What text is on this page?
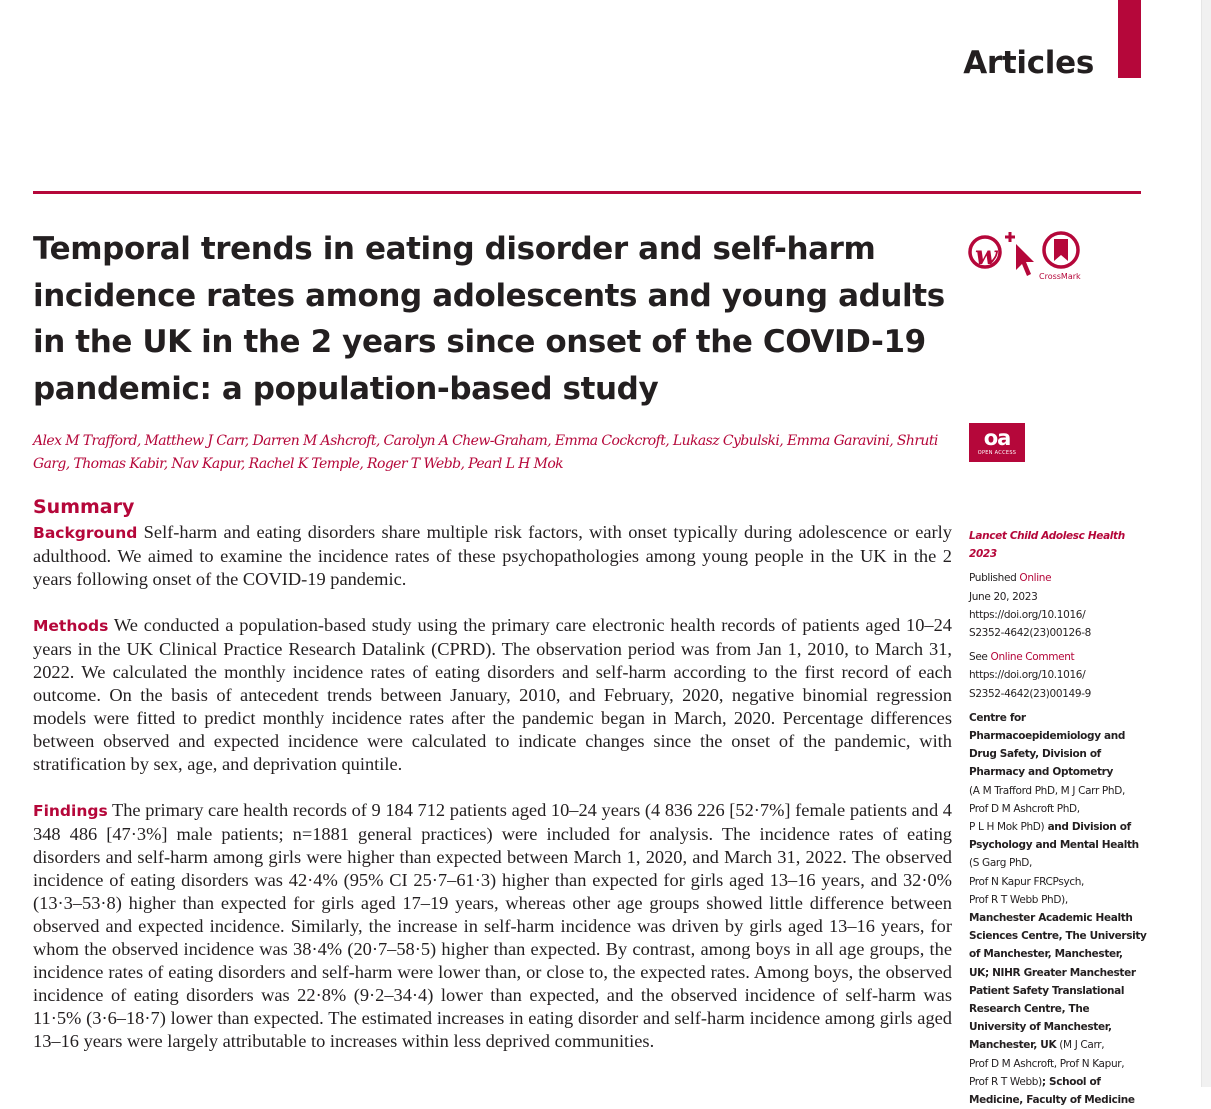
Articles
Temporal trends in eating disorder and self-harm incidence rates among adolescents and young adults in the UK in the 2 years since onset of the COVID-19 pandemic: a population-based study

Alex M Trafford, Matthew J Carr, Darren M Ashcroft, Carolyn A Chew-Graham, Emma Cockcroft, Lukasz Cybulski, Emma Garavini, Shruti Garg, Thomas Kabir, Nav Kapur, Rachel K Temple, Roger T Webb, Pearl L H Mok

w
CrossMark
oa
OPEN ACCESS
Summary

Background Self-harm and eating disorders share multiple risk factors, with onset typically during adolescence or early adulthood. We aimed to examine the incidence rates of these psychopathologies among young people in the UK in the 2 years following onset of the COVID-19 pandemic.

Methods We conducted a population-based study using the primary care electronic health records of patients aged 10–24 years in the UK Clinical Practice Research Datalink (CPRD). The observation period was from Jan 1, 2010, to March 31, 2022. We calculated the monthly incidence rates of eating disorders and self-harm according to the first record of each outcome. On the basis of antecedent trends between January, 2010, and February, 2020, negative binomial regression models were fitted to predict monthly incidence rates after the pandemic began in March, 2020. Percentage differences between observed and expected incidence were calculated to indicate changes since the onset of the pandemic, with stratification by sex, age, and deprivation quintile.

Findings The primary care health records of 9 184 712 patients aged 10–24 years (4 836 226 [52·7%] female patients and 4 348 486 [47·3%] male patients; n=1881 general practices) were included for analysis. The incidence rates of eating disorders and self-harm among girls were higher than expected between March 1, 2020, and March 31, 2022. The observed incidence of eating disorders was 42·4% (95% CI 25·7–61·3) higher than expected for girls aged 13–16 years, and 32·0% (13·3–53·8) higher than expected for girls aged 17–19 years, whereas other age groups showed little difference between observed and expected incidence. Similarly, the increase in self-harm incidence was driven by girls aged 13–16 years, for whom the observed incidence was 38·4% (20·7–58·5) higher than expected. By contrast, among boys in all age groups, the incidence rates of eating disorders and self-harm were lower than, or close to, the expected rates. Among boys, the observed incidence of eating disorders was 22·8% (9·2–34·4) lower than expected, and the observed incidence of self-harm was 11·5% (3·6–18·7) lower than expected. The estimated increases in eating disorder and self-harm incidence among girls aged 13–16 years were largely attributable to increases within less deprived communities.

Lancet Child Adolesc Health 2023
Published Online
June 20, 2023
https://doi.org/10.1016/
S2352-4642(23)00126-8
See Online Comment
https://doi.org/10.1016/
S2352-4642(23)00149-9
Centre for
Pharmacoepidemiology and
Drug Safety, Division of
Pharmacy and Optometry
(A M Trafford PhD, M J Carr PhD,
Prof D M Ashcroft PhD,
P L H Mok PhD) and Division of
Psychology and Mental Health
(S Garg PhD,
Prof N Kapur FRCPsych,
Prof R T Webb PhD),
Manchester Academic Health
Sciences Centre, The University
of Manchester, Manchester,
UK; NIHR Greater Manchester
Patient Safety Translational
Research Centre, The
University of Manchester,
Manchester, UK (M J Carr,
Prof D M Ashcroft, Prof N Kapur,
Prof R T Webb); School of
Medicine, Faculty of Medicine
